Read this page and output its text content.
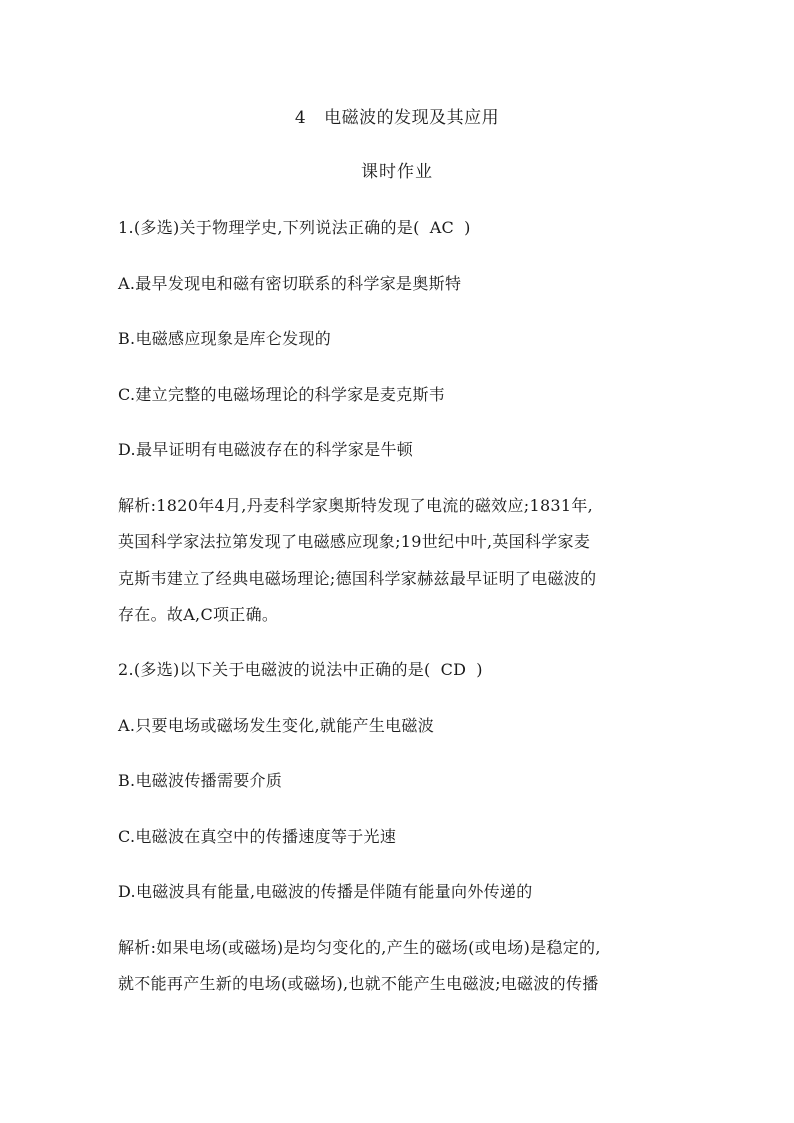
4 电磁波的发现及其应用
课时作业
1.(多选)关于物理学史,下列说法正确的是( AC )
A.最早发现电和磁有密切联系的科学家是奥斯特
B.电磁感应现象是库仑发现的
C.建立完整的电磁场理论的科学家是麦克斯韦
D.最早证明有电磁波存在的科学家是牛顿
解析:1820年4月,丹麦科学家奥斯特发现了电流的磁效应;1831年,
英国科学家法拉第发现了电磁感应现象;19世纪中叶,英国科学家麦
克斯韦建立了经典电磁场理论;德国科学家赫兹最早证明了电磁波的
存在。故A,C项正确。
2.(多选)以下关于电磁波的说法中正确的是( CD )
A.只要电场或磁场发生变化,就能产生电磁波
B.电磁波传播需要介质
C.电磁波在真空中的传播速度等于光速
D.电磁波具有能量,电磁波的传播是伴随有能量向外传递的
解析:如果电场(或磁场)是均匀变化的,产生的磁场(或电场)是稳定的,
就不能再产生新的电场(或磁场),也就不能产生电磁波;电磁波的传播
